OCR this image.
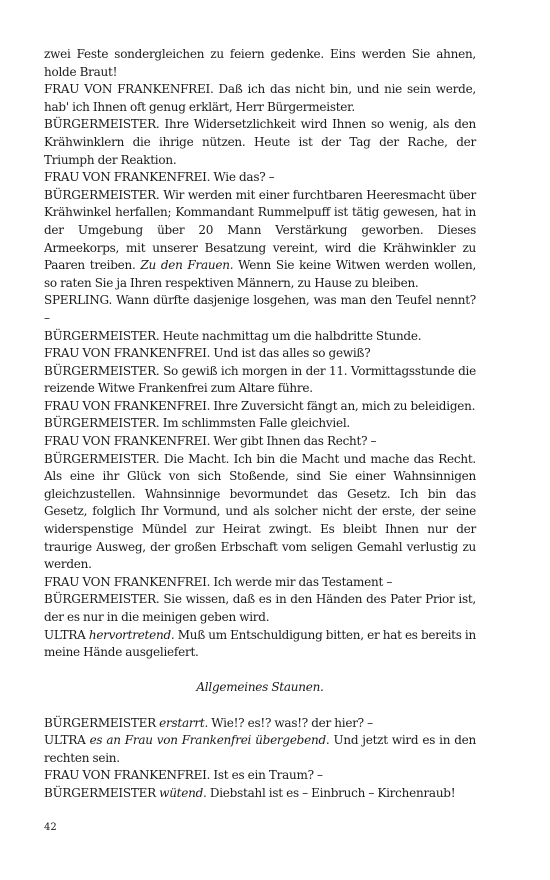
zwei Feste sondergleichen zu feiern gedenke. Eins werden Sie ahnen, holde Braut!

FRAU VON FRANKENFREI. Daß ich das nicht bin, und nie sein werde, hab' ich Ihnen oft genug erklärt, Herr Bürgermeister.

BÜRGERMEISTER. Ihre Widersetzlichkeit wird Ihnen so wenig, als den Krähwinklern die ihrige nützen. Heute ist der Tag der Rache, der Triumph der Reaktion.

FRAU VON FRANKENFREI. Wie das? –

BÜRGERMEISTER. Wir werden mit einer furchtbaren Heeresmacht über Krähwinkel herfallen; Kommandant Rummelpuff ist tätig gewesen, hat in der Umgebung über 20 Mann Verstärkung geworben. Dieses Armeekorps, mit unserer Besatzung vereint, wird die Krähwinkler zu Paaren treiben. Zu den Frauen. Wenn Sie keine Witwen werden wollen, so raten Sie ja Ihren respektiven Männern, zu Hause zu bleiben.

SPERLING. Wann dürfte dasjenige losgehen, was man den Teufel nennt? –

BÜRGERMEISTER. Heute nachmittag um die halbdritte Stunde.

FRAU VON FRANKENFREI. Und ist das alles so gewiß?

BÜRGERMEISTER. So gewiß ich morgen in der 11. Vormittagsstunde die reizende Witwe Frankenfrei zum Altare führe.

FRAU VON FRANKENFREI. Ihre Zuversicht fängt an, mich zu beleidigen.

BÜRGERMEISTER. Im schlimmsten Falle gleichviel.

FRAU VON FRANKENFREI. Wer gibt Ihnen das Recht? –

BÜRGERMEISTER. Die Macht. Ich bin die Macht und mache das Recht. Als eine ihr Glück von sich Stoßende, sind Sie einer Wahnsinnigen gleichzustellen. Wahnsinnige bevormundet das Gesetz. Ich bin das Gesetz, folglich Ihr Vormund, und als solcher nicht der erste, der seine widerspenstige Mündel zur Heirat zwingt. Es bleibt Ihnen nur der traurige Ausweg, der großen Erbschaft vom seligen Gemahl verlustig zu werden.

FRAU VON FRANKENFREI. Ich werde mir das Testament –

BÜRGERMEISTER. Sie wissen, daß es in den Händen des Pater Prior ist, der es nur in die meinigen geben wird.

ULTRA hervortretend. Muß um Entschuldigung bitten, er hat es bereits in meine Hände ausgeliefert.

Allgemeines Staunen.

BÜRGERMEISTER erstarrt. Wie!? es!? was!? der hier? –

ULTRA es an Frau von Frankenfrei übergebend. Und jetzt wird es in den rechten sein.

FRAU VON FRANKENFREI. Ist es ein Traum? –

BÜRGERMEISTER wütend. Diebstahl ist es – Einbruch – Kirchenraub!

42
